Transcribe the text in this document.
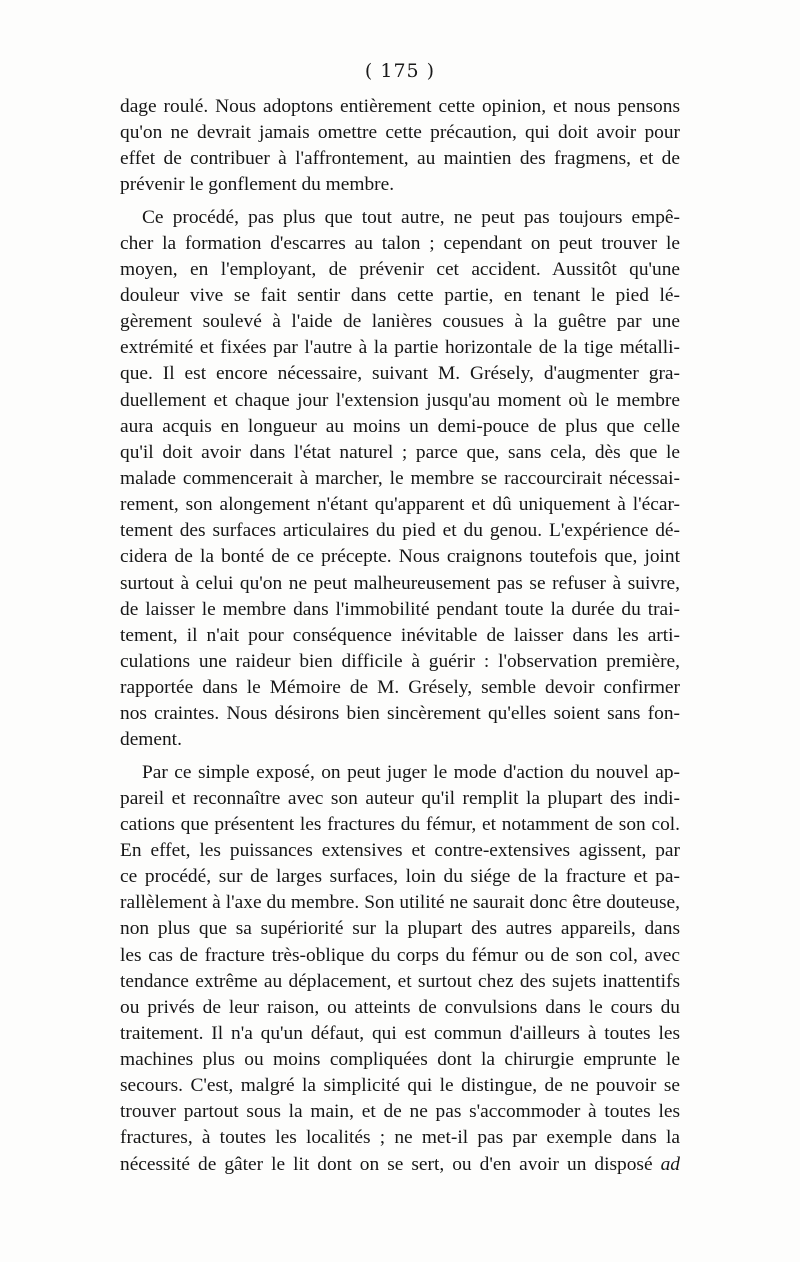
( 175 )
dage roulé. Nous adoptons entièrement cette opinion, et nous pensons
qu'on ne devrait jamais omettre cette précaution, qui doit avoir pour
effet de contribuer à l'affrontement, au maintien des fragmens, et de
prévenir le gonflement du membre.
Ce procédé, pas plus que tout autre, ne peut pas toujours empê-
cher la formation d'escarres au talon ; cependant on peut trouver le
moyen, en l'employant, de prévenir cet accident. Aussitôt qu'une
douleur vive se fait sentir dans cette partie, en tenant le pied lé-
gèrement soulevé à l'aide de lanières cousues à la guêtre par une
extrémité et fixées par l'autre à la partie horizontale de la tige métalli-
que. Il est encore nécessaire, suivant M. Grésely, d'augmenter gra-
duellement et chaque jour l'extension jusqu'au moment où le membre
aura acquis en longueur au moins un demi-pouce de plus que celle
qu'il doit avoir dans l'état naturel ; parce que, sans cela, dès que le
malade commencerait à marcher, le membre se raccourcirait nécessai-
rement, son alongement n'étant qu'apparent et dû uniquement à l'écar-
tement des surfaces articulaires du pied et du genou. L'expérience dé-
cidera de la bonté de ce précepte. Nous craignons toutefois que, joint
surtout à celui qu'on ne peut malheureusement pas se refuser à suivre,
de laisser le membre dans l'immobilité pendant toute la durée du trai-
tement, il n'ait pour conséquence inévitable de laisser dans les arti-
culations une raideur bien difficile à guérir : l'observation première,
rapportée dans le Mémoire de M. Grésely, semble devoir confirmer
nos craintes. Nous désirons bien sincèrement qu'elles soient sans fon-
dement.
Par ce simple exposé, on peut juger le mode d'action du nouvel ap-
pareil et reconnaître avec son auteur qu'il remplit la plupart des indi-
cations que présentent les fractures du fémur, et notamment de son col.
En effet, les puissances extensives et contre-extensives agissent, par
ce procédé, sur de larges surfaces, loin du siége de la fracture et pa-
rallèlement à l'axe du membre. Son utilité ne saurait donc être douteuse,
non plus que sa supériorité sur la plupart des autres appareils, dans
les cas de fracture très-oblique du corps du fémur ou de son col, avec
tendance extrême au déplacement, et surtout chez des sujets inattentifs
ou privés de leur raison, ou atteints de convulsions dans le cours du
traitement. Il n'a qu'un défaut, qui est commun d'ailleurs à toutes les
machines plus ou moins compliquées dont la chirurgie emprunte le
secours. C'est, malgré la simplicité qui le distingue, de ne pouvoir se
trouver partout sous la main, et de ne pas s'accommoder à toutes les
fractures, à toutes les localités ; ne met-il pas par exemple dans la
nécessité de gâter le lit dont on se sert, ou d'en avoir un disposé ad
